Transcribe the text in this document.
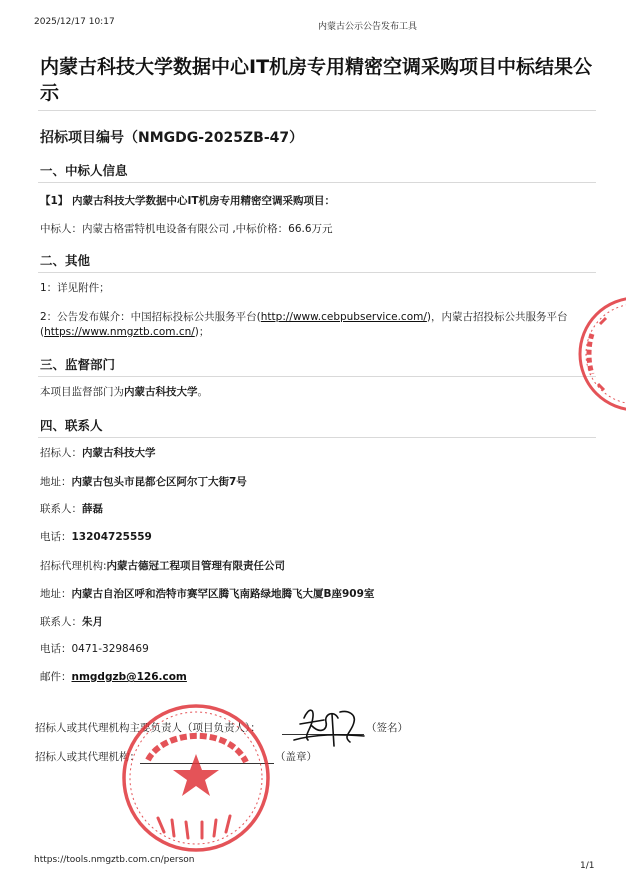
2025/12/17 10:17	内蒙古公示公告发布工具
内蒙古科技大学数据中心IT机房专用精密空调采购项目中标结果公示
招标项目编号（NMGDG-2025ZB-47）
一、中标人信息
【1】 内蒙古科技大学数据中心IT机房专用精密空调采购项目：
中标人：内蒙古格雷特机电设备有限公司 ,中标价格：66.6万元
二、其他
1：详见附件；
2：公告发布媒介：中国招标投标公共服务平台(http://www.cebpubservice.com/)，内蒙古招投标公共服务平台
(https://www.nmgztb.com.cn/)；
三、监督部门
本项目监督部门为内蒙古科技大学。
四、联系人
招标人：内蒙古科技大学
地址：内蒙古包头市昆都仑区阿尔丁大街7号
联系人：薛磊
电话：13204725559
招标代理机构:内蒙古德冠工程项目管理有限责任公司
地址：内蒙古自治区呼和浩特市赛罕区腾飞南路绿地腾飞大厦B座909室
联系人：朱月
电话：0471-3298469
邮件：nmgdgzb@126.com
招标人或其代理机构主要负责人（项目负责人）：	（签名）
招标人或其代理机构：	（盖章）
https://tools.nmgztb.com.cn/person
1/1
